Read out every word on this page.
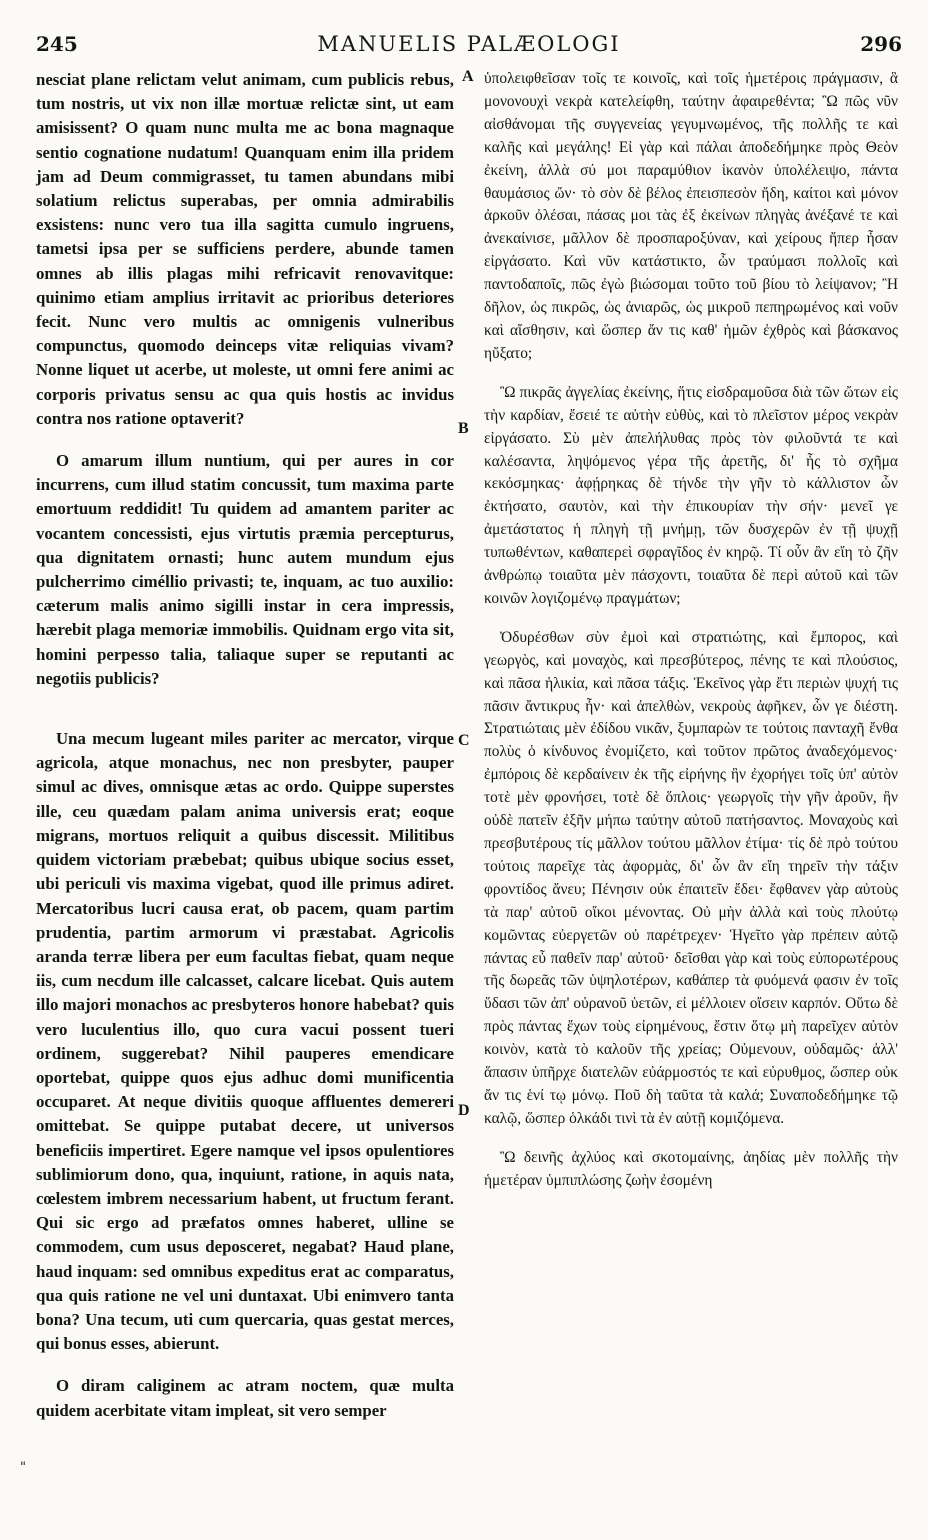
245	MANUELIS PALÆOLOGI	296

nesciat plane relictam velut animam, cum publicis rebus, tum nostris, ut vix non illæ mortuæ relictæ sint, ut eam amisissent? O quam nunc multa me ac bona magnaque sentio cognatione nudatum! Quanquam enim illa pridem jam ad Deum commigrasset, tu tamen abundans mibi solatium relictus superabas, per omnia admirabilis exsistens: nunc vero tua illa sagitta cumulo ingruens, tametsi ipsa per se sufficiens perdere, abunde tamen omnes ab illis plagas mihi refricavit renovavitque: quinimo etiam amplius irritavit ac prioribus deteriores fecit. Nunc vero multis ac omnigenis vulneribus compunctus, quomodo deinceps vitæ reliquias vivam? Nonne liquet ut acerbe, ut moleste, ut omni fere animi ac corporis privatus sensu ac qua quis hostis ac invidus contra nos ratione optaverit?

O amarum illum nuntium, qui per aures in cor incurrens, cum illud statim concussit, tum maxima parte emortuum reddidit! Tu quidem ad amantem pariter ac vocantem concessisti, ejus virtutis præmia percepturus, qua dignitatem ornasti; hunc autem mundum ejus pulcherrimo ciméllio privasti; te, inquam, ac tuo auxilio: cæterum malis animo sigilli instar in cera impressis, hærebit plaga memoriæ immobilis. Quidnam ergo vita sit, homini perpesso talia, taliaque super se reputanti ac negotiis publicis?

Una mecum lugeant miles pariter ac mercator, virque agricola, atque monachus, nec non presbyter, pauper simul ac dives, omnisque ætas ac ordo. Quippe superstes ille, ceu quædam palam anima universis erat; eoque migrans, mortuos reliquit a quibus discessit. Militibus quidem victoriam præbebat; quibus ubique socius esset, ubi periculi vis maxima vigebat, quod ille primus adiret. Mercatoribus lucri causa erat, ob pacem, quam partim prudentia, partim armorum vi præstabat. Agricolis aranda terræ libera per eum facultas fiebat, quam neque iis, cum necdum ille calcasset, calcare licebat. Quis autem illo majori monachos ac presbyteros honore habebat? quis vero luculentius illo, quo cura vacui possent tueri ordinem, suggerebat? Nihil pauperes emendicare oportebat, quippe quos ejus adhuc domi munificentia occuparet. At neque divitiis quoque affluentes demereri omittebat. Se quippe putabat decere, ut universos beneficiis impertiret. Egere namque vel ipsos opulentiores sublimiorum dono, qua, inquiunt, ratione, in aquis nata, cœlestem imbrem necessarium habent, ut fructum ferant. Qui sic ergo ad præfatos omnes haberet, ulline se commodem, cum usus deposceret, negabat? Haud plane, haud inquam: sed omnibus expeditus erat ac comparatus, qua quis ratione ne vel uni duntaxat. Ubi enimvero tanta bona? Una tecum, uti cum quercaria, quas gestat merces, qui bonus esses, abierunt.

O diram caliginem ac atram noctem, quæ multa quidem acerbitate vitam impleat, sit vero semper

A
B
C
D

ὑπολειφθεῖσαν τοῖς τε κοινοῖς, καὶ τοῖς ἡμετέροις πράγμασιν, ἃ μονονουχὶ νεκρὰ κατελείφθη, ταύτην ἀφαιρεθέντα; Ὢ πῶς νῦν αἰσθάνομαι τῆς συγγενείας γεγυμνωμένος, τῆς πολλῆς τε καὶ καλῆς καὶ μεγάλης! Εἰ γὰρ καὶ πάλαι ἀποδεδήμηκε πρὸς Θεὸν ἐκείνη, ἀλλὰ σύ μοι παραμύθιον ἱκανὸν ὑπολέλειψο, πάντα θαυμάσιος ὤν· τὸ σὸν δὲ βέλος ἐπεισπεσὸν ἤδη, καίτοι καὶ μόνον ἀρκοῦν ὀλέσαι, πάσας μοι τὰς ἐξ ἐκείνων πληγὰς ἀνέξανέ τε καὶ ἀνεκαίνισε, μᾶλλον δὲ προσπαροξύναν, καὶ χείρους ἤπερ ἦσαν εἰργάσατο. Καὶ νῦν κατάστικτο, ὧν τραύμασι πολλοῖς καὶ παντοδαποῖς, πῶς ἐγὼ βιώσομαι τοῦτο τοῦ βίου τὸ λείψανον; Ἢ δῆλον, ὡς πικρῶς, ὡς ἀνιαρῶς, ὡς μικροῦ πεπηρωμένος καὶ νοῦν καὶ αἴσθησιν, καὶ ὥσπερ ἄν τις καθ' ἡμῶν ἐχθρὸς καὶ βάσκανος ηὔξατο;

Ὢ πικρᾶς ἀγγελίας ἐκείνης, ἥτις εἰσδραμοῦσα διὰ τῶν ὤτων εἰς τὴν καρδίαν, ἔσειέ τε αὐτὴν εὐθὺς, καὶ τὸ πλεῖστον μέρος νεκρὰν εἰργάσατο. Σὺ μὲν ἀπελήλυθας πρὸς τὸν φιλοῦντά τε καὶ καλέσαντα, ληψόμενος γέρα τῆς ἀρετῆς, δι' ἧς τὸ σχῆμα κεκόσμηκας· ἀφῄρηκας δὲ τήνδε τὴν γῆν τὸ κάλλιστον ὧν ἐκτήσατο, σαυτὸν, καὶ τὴν ἐπικουρίαν τὴν σήν· μενεῖ γε ἀμετάστατος ἡ πληγὴ τῇ μνήμῃ, τῶν δυσχερῶν ἐν τῇ ψυχῇ τυπωθέντων, καθαπερεὶ σφραγῖδος ἐν κηρῷ. Τί οὖν ἂν εἴη τὸ ζῆν ἀνθρώπῳ τοιαῦτα μὲν πάσχοντι, τοιαῦτα δὲ περὶ αὐτοῦ καὶ τῶν κοινῶν λογιζομένῳ πραγμάτων;

Ὀδυρέσθων σὺν ἐμοὶ καὶ στρατιώτης, καὶ ἔμπορος, καὶ γεωργὸς, καὶ μοναχὸς, καὶ πρεσβύτερος, πένης τε καὶ πλούσιος, καὶ πᾶσα ἡλικία, καὶ πᾶσα τάξις. Ἐκεῖνος γὰρ ἔτι περιὼν ψυχή τις πᾶσιν ἄντικρυς ἦν· καὶ ἀπελθὼν, νεκροὺς ἀφῆκεν, ὧν γε διέστη. Στρατιώταις μὲν ἐδίδου νικᾶν, ξυμπαρὼν τε τούτοις πανταχῆ ἔνθα πολὺς ὁ κίνδυνος ἐνομίζετο, καὶ τοῦτον πρῶτος ἀναδεχόμενος· ἐμπόροις δὲ κερδαίνειν ἐκ τῆς εἰρήνης ἣν ἐχορήγει τοῖς ὑπ' αὐτὸν τοτὲ μὲν φρονήσει, τοτὲ δὲ ὅπλοις· γεωργοῖς τὴν γῆν ἀροῦν, ἣν οὐδὲ πατεῖν ἐξῆν μήπω ταύτην αὐτοῦ πατήσαντος. Μοναχοὺς καὶ πρεσβυτέρους τίς μᾶλλον τούτου μᾶλλον ἐτίμα· τίς δὲ πρὸ τούτου τούτοις παρεῖχε τὰς ἀφορμὰς, δι' ὧν ἂν εἴη τηρεῖν τὴν τάξιν φροντίδος ἄνευ; Πένησιν οὐκ ἐπαιτεῖν ἔδει· ἔφθανεν γὰρ αὐτοὺς τὰ παρ' αὐτοῦ οἴκοι μένοντας. Οὐ μὴν ἀλλὰ καὶ τοὺς πλούτῳ κομῶντας εὐεργετῶν οὐ παρέτρεχεν· Ἡγεῖτο γὰρ πρέπειν αὐτῷ πάντας εὖ παθεῖν παρ' αὐτοῦ· δεῖσθαι γὰρ καὶ τοὺς εὐπορωτέρους τῆς δωρεᾶς τῶν ὑψηλοτέρων, καθάπερ τὰ φυόμενά φασιν ἐν τοῖς ὕδασι τῶν ἀπ' οὐρανοῦ ὑετῶν, εἰ μέλλοιεν οἴσειν καρπόν. Οὕτω δὲ πρὸς πάντας ἔχων τοὺς εἰρημένους, ἔστιν ὅτῳ μὴ παρεῖχεν αὐτὸν κοινὸν, κατὰ τὸ καλοῦν τῆς χρείας; Οὐμενουν, οὐδαμῶς· ἀλλ' ἅπασιν ὑπῆρχε διατελῶν εὐάρμοστός τε καὶ εὐρυθμος, ὥσπερ οὐκ ἄν τις ἑνί τῳ μόνῳ. Ποῦ δὴ ταῦτα τὰ καλά; Συναποδεδήμηκε τῷ καλῷ, ὥσπερ ὁλκάδι τινὶ τὰ ἐν αὐτῇ κομιζόμενα.

Ὢ δεινῆς ἀχλύος καὶ σκοτομαίνης, ἀηδίας μὲν πολλῆς τὴν ἡμετέραν ὑμπιπλώσης ζωὴν ἐσομένη

"
